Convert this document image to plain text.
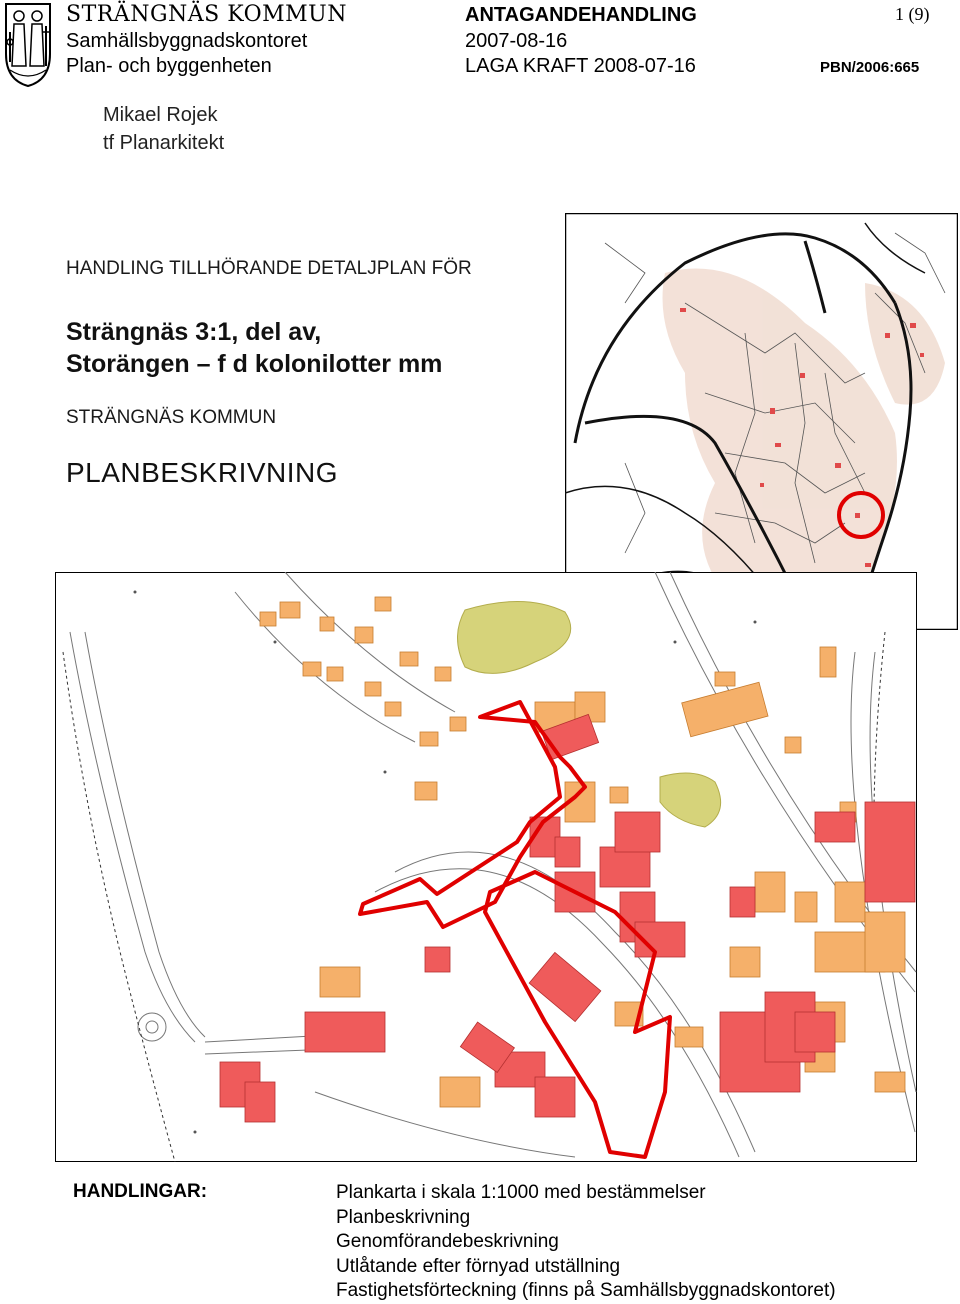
STRÄNGNÄS KOMMUN
Samhällsbyggnadskontoret
Plan- och byggenheten
ANTAGANDEHANDLING
2007-08-16
LAGA KRAFT 2008-07-16
1 (9)
PBN/2006:665
Mikael Rojek
tf Planarkitekt
HANDLING TILLHÖRANDE DETALJPLAN FÖR
Strängnäs 3:1, del av,
Storängen – f d kolonilotter mm
STRÄNGNÄS KOMMUN
PLANBESKRIVNING
HANDLINGAR:	Plankarta i skala 1:1000 med bestämmelser
Planbeskrivning
Genomförandebeskrivning
Utlåtande efter förnyad utställning
Fastighetsförteckning (finns på Samhällsbyggnadskontoret)
